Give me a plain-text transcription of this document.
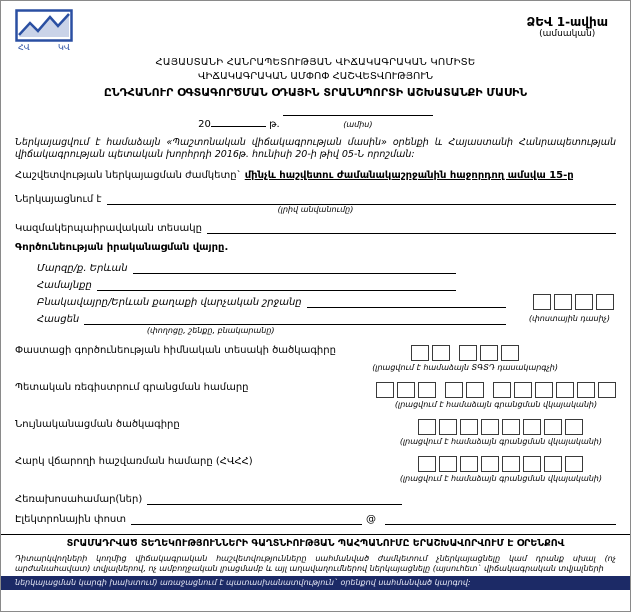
ՀՎ	ԿՎ
ՁԵՎ 1-ավիա
(ամսական)
ՀԱՅԱՍՏԱՆԻ ՀԱՆՐԱՊԵՏՈՒԹՅԱՆ ՎԻՃԱԿԱԳՐԱԿԱՆ ԿՈՄԻՏԵ
ՎԻՃԱԿԱԳՐԱԿԱՆ ԱՄՓՈՓ ՀԱՇՎԵՏՎՈՒԹՅՈՒՆ
ԸՆԴՀԱՆՈՒՐ ՕԳՏԱԳՈՐԾՄԱՆ ՕԴԱՅԻՆ ՏՐԱՆՍՊՈՐՏԻ ԱՇԽԱՏԱՆՔԻ ՄԱՍԻՆ
20	թ.	(ամիս)
Ներկայացվում է համաձայն «Պաշտոնական վիճակագրության մասին» օրենքի և Հայաստանի Հանրապետության վիճակագրության պետական խորհրդի 2016թ. հունիսի 20-ի թիվ 05-Ն որոշման:
Հաշվետվության ներկայացման ժամկետը` մինչև հաշվետու ժամանակաշրջանին հաջորդող ամսվա 15-ը
Ներկայացնում է
(լրիվ անվանումը)
Կազմակերպաիրավական տեսակը
Գործունեության իրականացման վայրը.
Մարզը/ք. Երևան
Համայնքը
Բնակավայրը/Երևան քաղաքի վարչական շրջանը
Հասցեն
(փողոցը, շենքը, բնակարանը)
(փոստային դասիչ)
Փաստացի գործունեության հիմնական տեսակի ծածկագիրը
(լրացվում է համաձայն ՏԳՏԴ դասակարգչի)
Պետական ռեգիստրում գրանցման համարը
(լրացվում է համաձայն գրանցման վկայականի)
Նույնականացման ծածկագիրը
(լրացվում է համաձայն գրանցման վկայականի)
Հարկ վճարողի հաշվառման համարը (ՀՎՀՀ)
(լրացվում է համաձայն գրանցման վկայականի)
Հեռախոսահամար(ներ)
Էլեկտրոնային փոստ	@
ՏՐԱՄԱԴՐՎԱԾ ՏԵՂԵԿՈՒԹՅՈՒՆՆԵՐԻ ԳԱՂՏՆԻՈՒԹՅԱՆ ՊԱՀՊԱՆՈՒՄԸ ԵՐԱՇԽԱՎՈՐՎՈՒՄ Է ՕՐԵՆՔՈՎ
Դիտարկվողների կողմից վիճակագրական հաշվետվությունները սահմանված ժամկետում չներկայացնելը կամ դրանք սխալ (ոչ արժանահավատ) տվյալներով, ոչ ամբողջական լրացմամբ և այլ աղավաղումներով ներկայացնելը (այսուհետ` վիճակագրական տվյալների
ներկայացման կարգի խախտում) առաջացնում է պատասխանատվություն` օրենքով սահմանված կարգով:
